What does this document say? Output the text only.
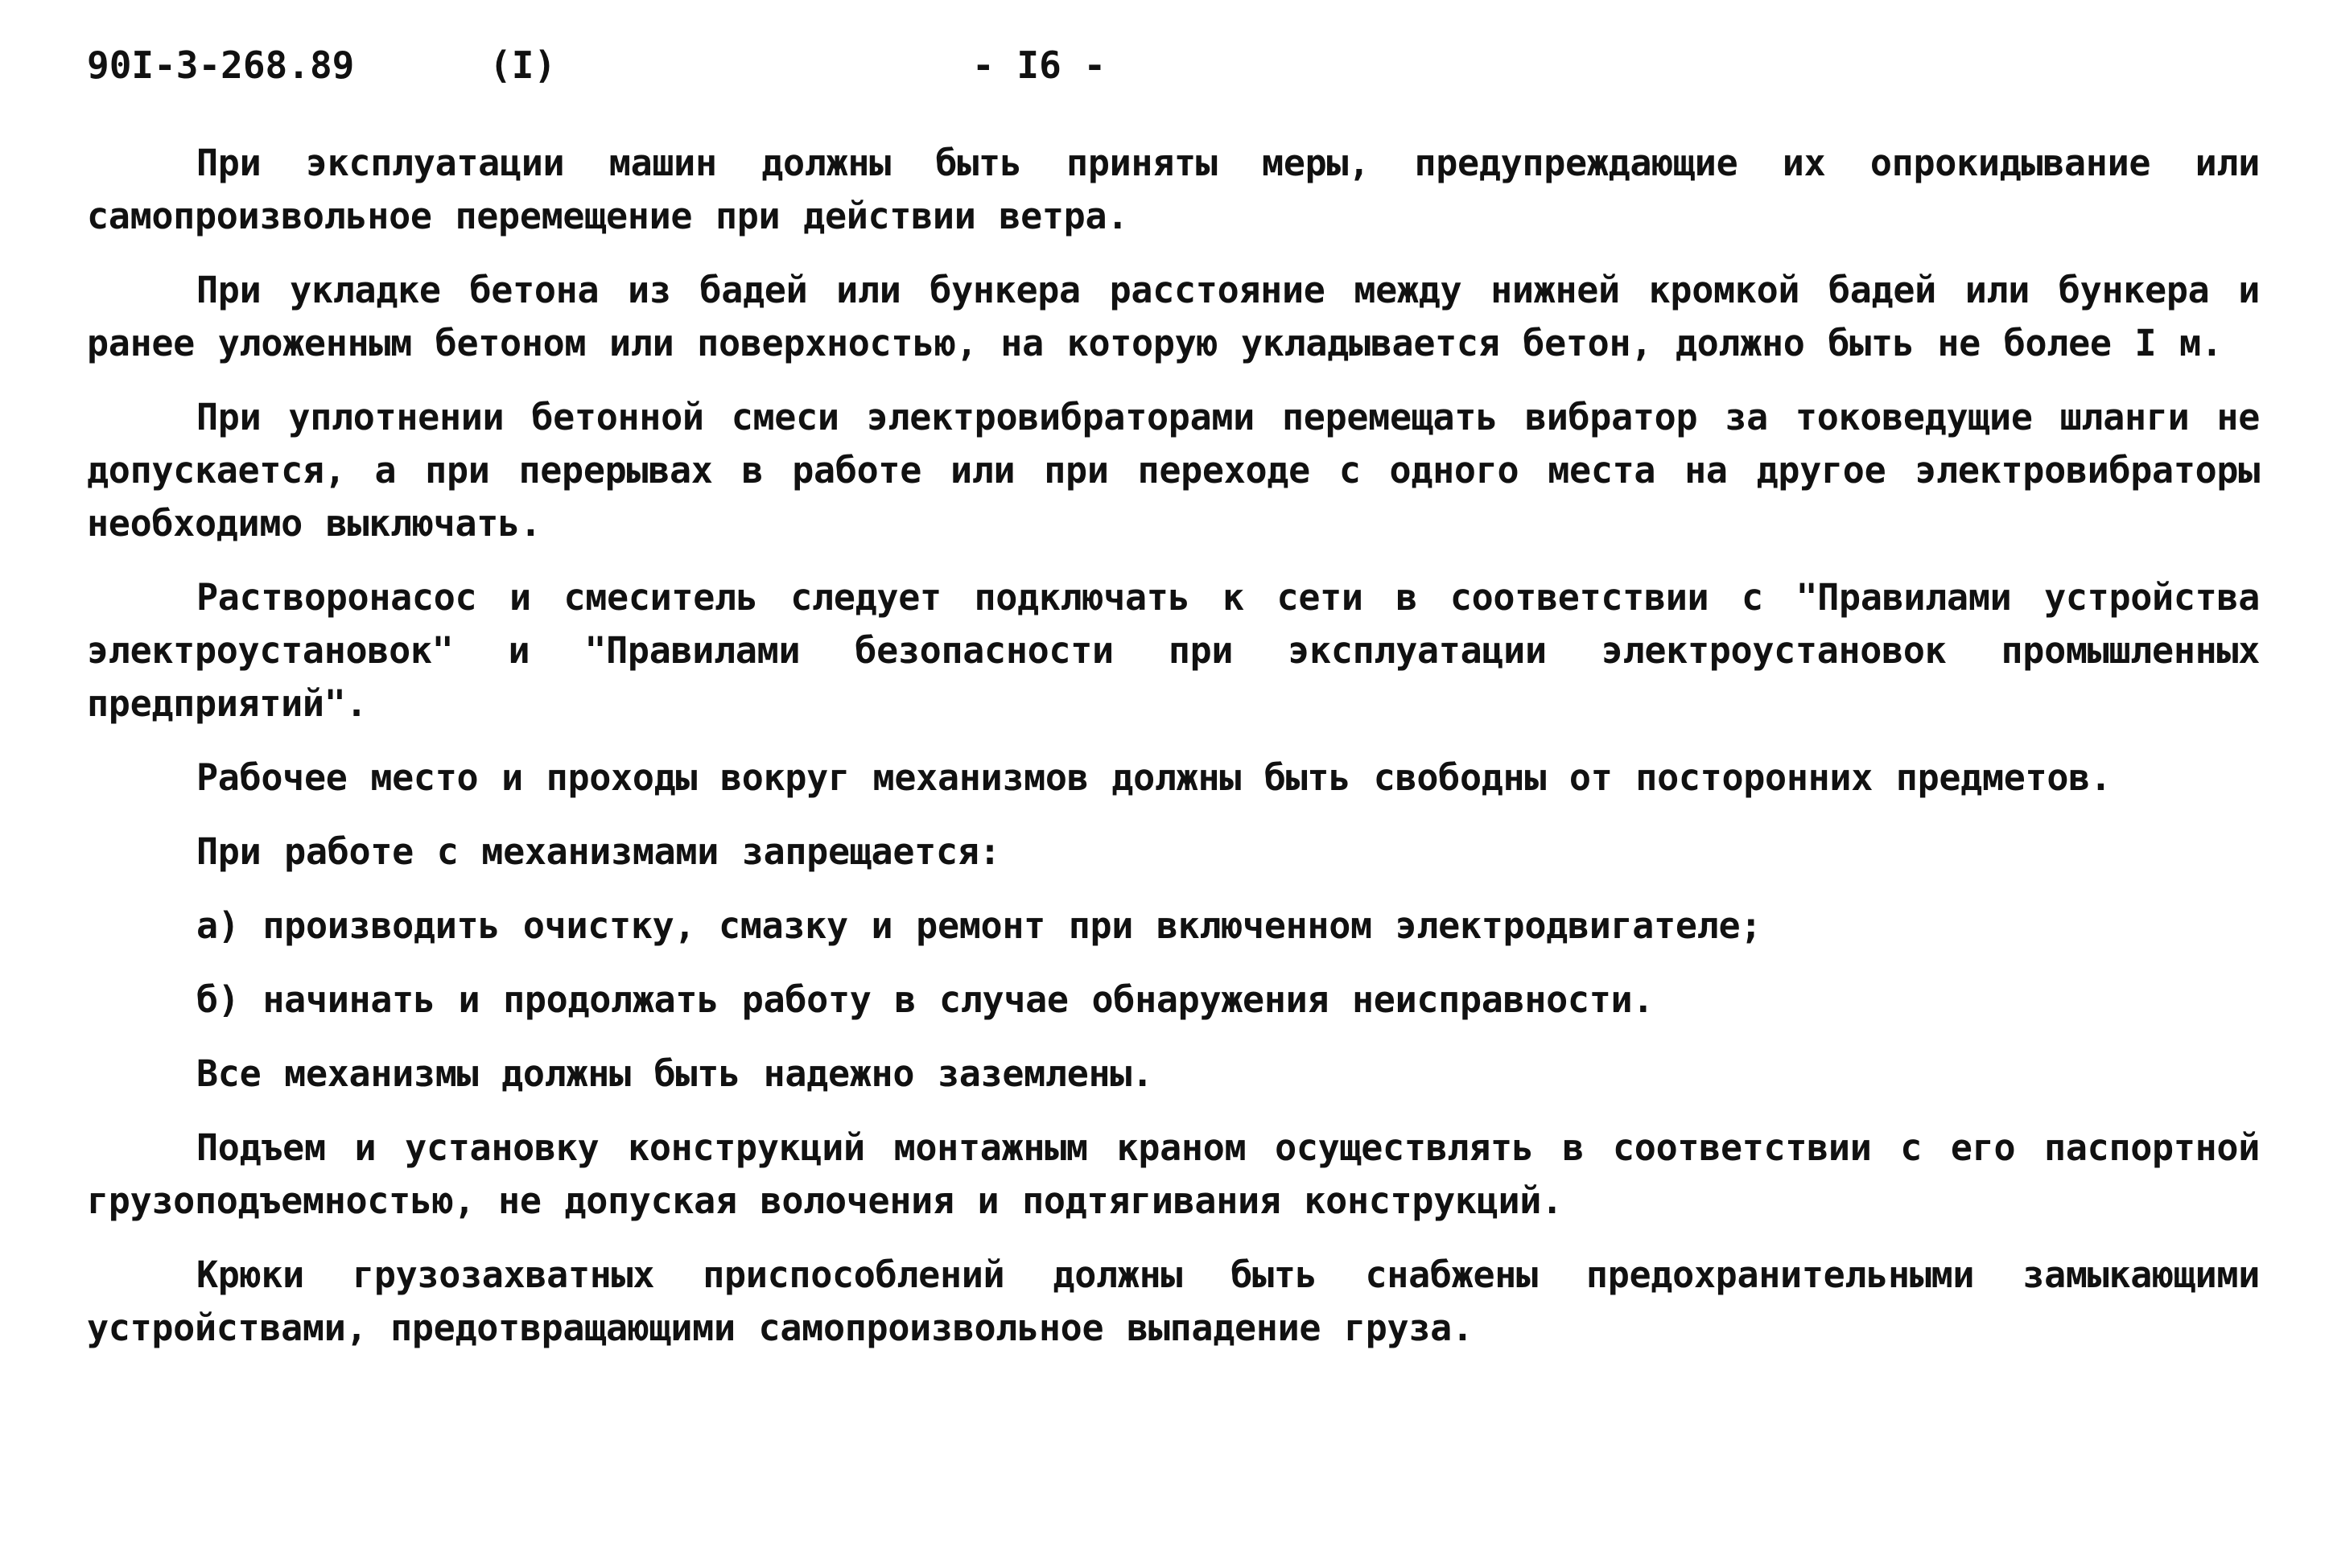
90I-3-268.89	(I)	- I6 -

При эксплуатации машин должны быть приняты меры, предупреждающие их опрокидывание или самопроизвольное перемещение при действии ветра.

При укладке бетона из бадей или бункера расстояние между нижней кромкой бадей или бункера и ранее уложенным бетоном или поверхностью, на которую укладывается бетон, должно быть не более I м.

При уплотнении бетонной смеси электровибраторами перемещать вибратор за токоведущие шланги не допускается, а при перерывах в работе или при переходе с одного места на другое электровибраторы необходимо выключать.

Растворонасос и смеситель следует подключать к сети в соответствии с "Правилами устройства электроустановок" и "Правилами безопасности при эксплуатации электроустановок промышленных предприятий".

Рабочее место и проходы вокруг механизмов должны быть свободны от посторонних предметов.

При работе с механизмами запрещается:

а) производить очистку, смазку и ремонт при включенном электродвигателе;

б) начинать и продолжать работу в случае обнаружения неисправности.

Все механизмы должны быть надежно заземлены.

Подъем и установку конструкций монтажным краном осуществлять в соответствии с его паспортной грузоподъемностью, не допуская волочения и подтягивания конструкций.

Крюки грузозахватных приспособлений должны быть снабжены предохранительными замыкающими устройствами, предотвращающими самопроизвольное выпадение груза.
